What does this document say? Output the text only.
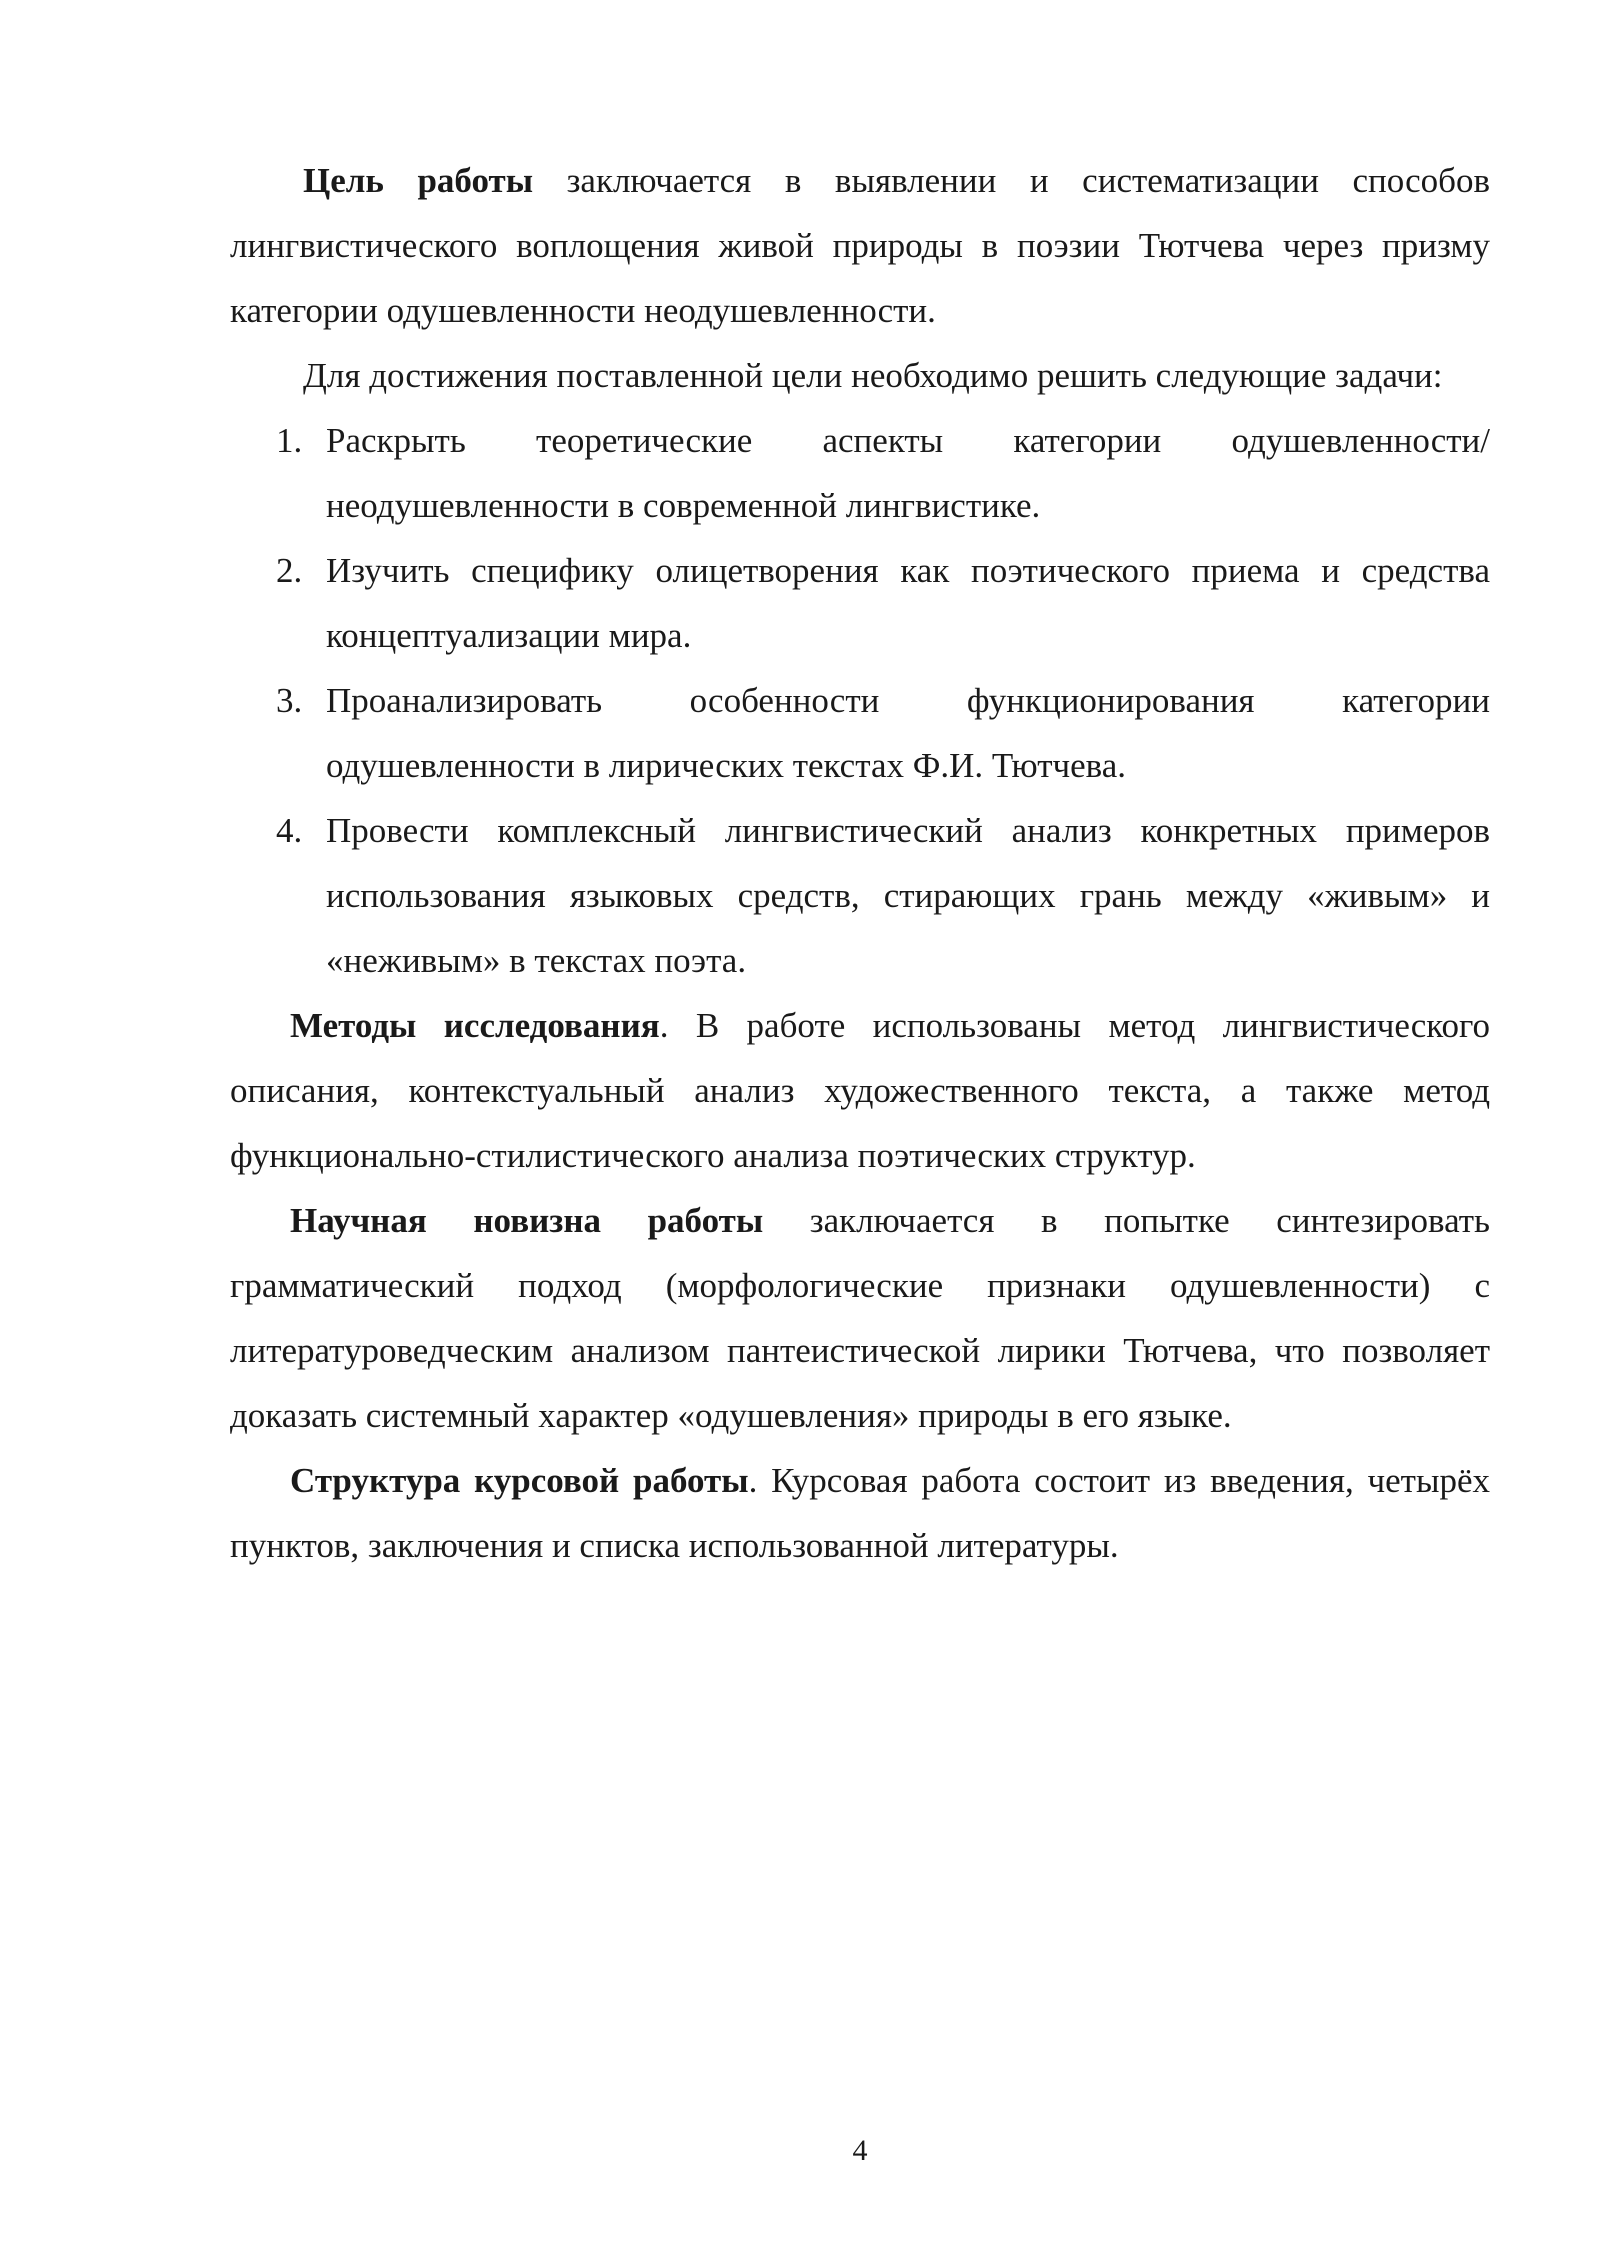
Цель работы заключается в выявлении и систематизации способов лингвистического воплощения живой природы в поэзии Тютчева через призму категории одушевленности неодушевленности.

Для достижения поставленной цели необходимо решить следующие задачи:

1. Раскрыть теоретические аспекты категории одушевленности/неодушевленности в современной лингвистике.
2. Изучить специфику олицетворения как поэтического приема и средства концептуализации мира.
3. Проанализировать особенности функционирования категории одушевленности в лирических текстах Ф.И. Тютчева.
4. Провести комплексный лингвистический анализ конкретных примеров использования языковых средств, стирающих грань между «живым» и «неживым» в текстах поэта.

Методы исследования. В работе использованы метод лингвистического описания, контекстуальный анализ художественного текста, а также метод функционально-стилистического анализа поэтических структур.

Научная новизна работы заключается в попытке синтезировать грамматический подход (морфологические признаки одушевленности) с литературоведческим анализом пантеистической лирики Тютчева, что позволяет доказать системный характер «одушевления» природы в его языке.

Структура курсовой работы. Курсовая работа состоит из введения, четырёх пунктов, заключения и списка использованной литературы.

4
